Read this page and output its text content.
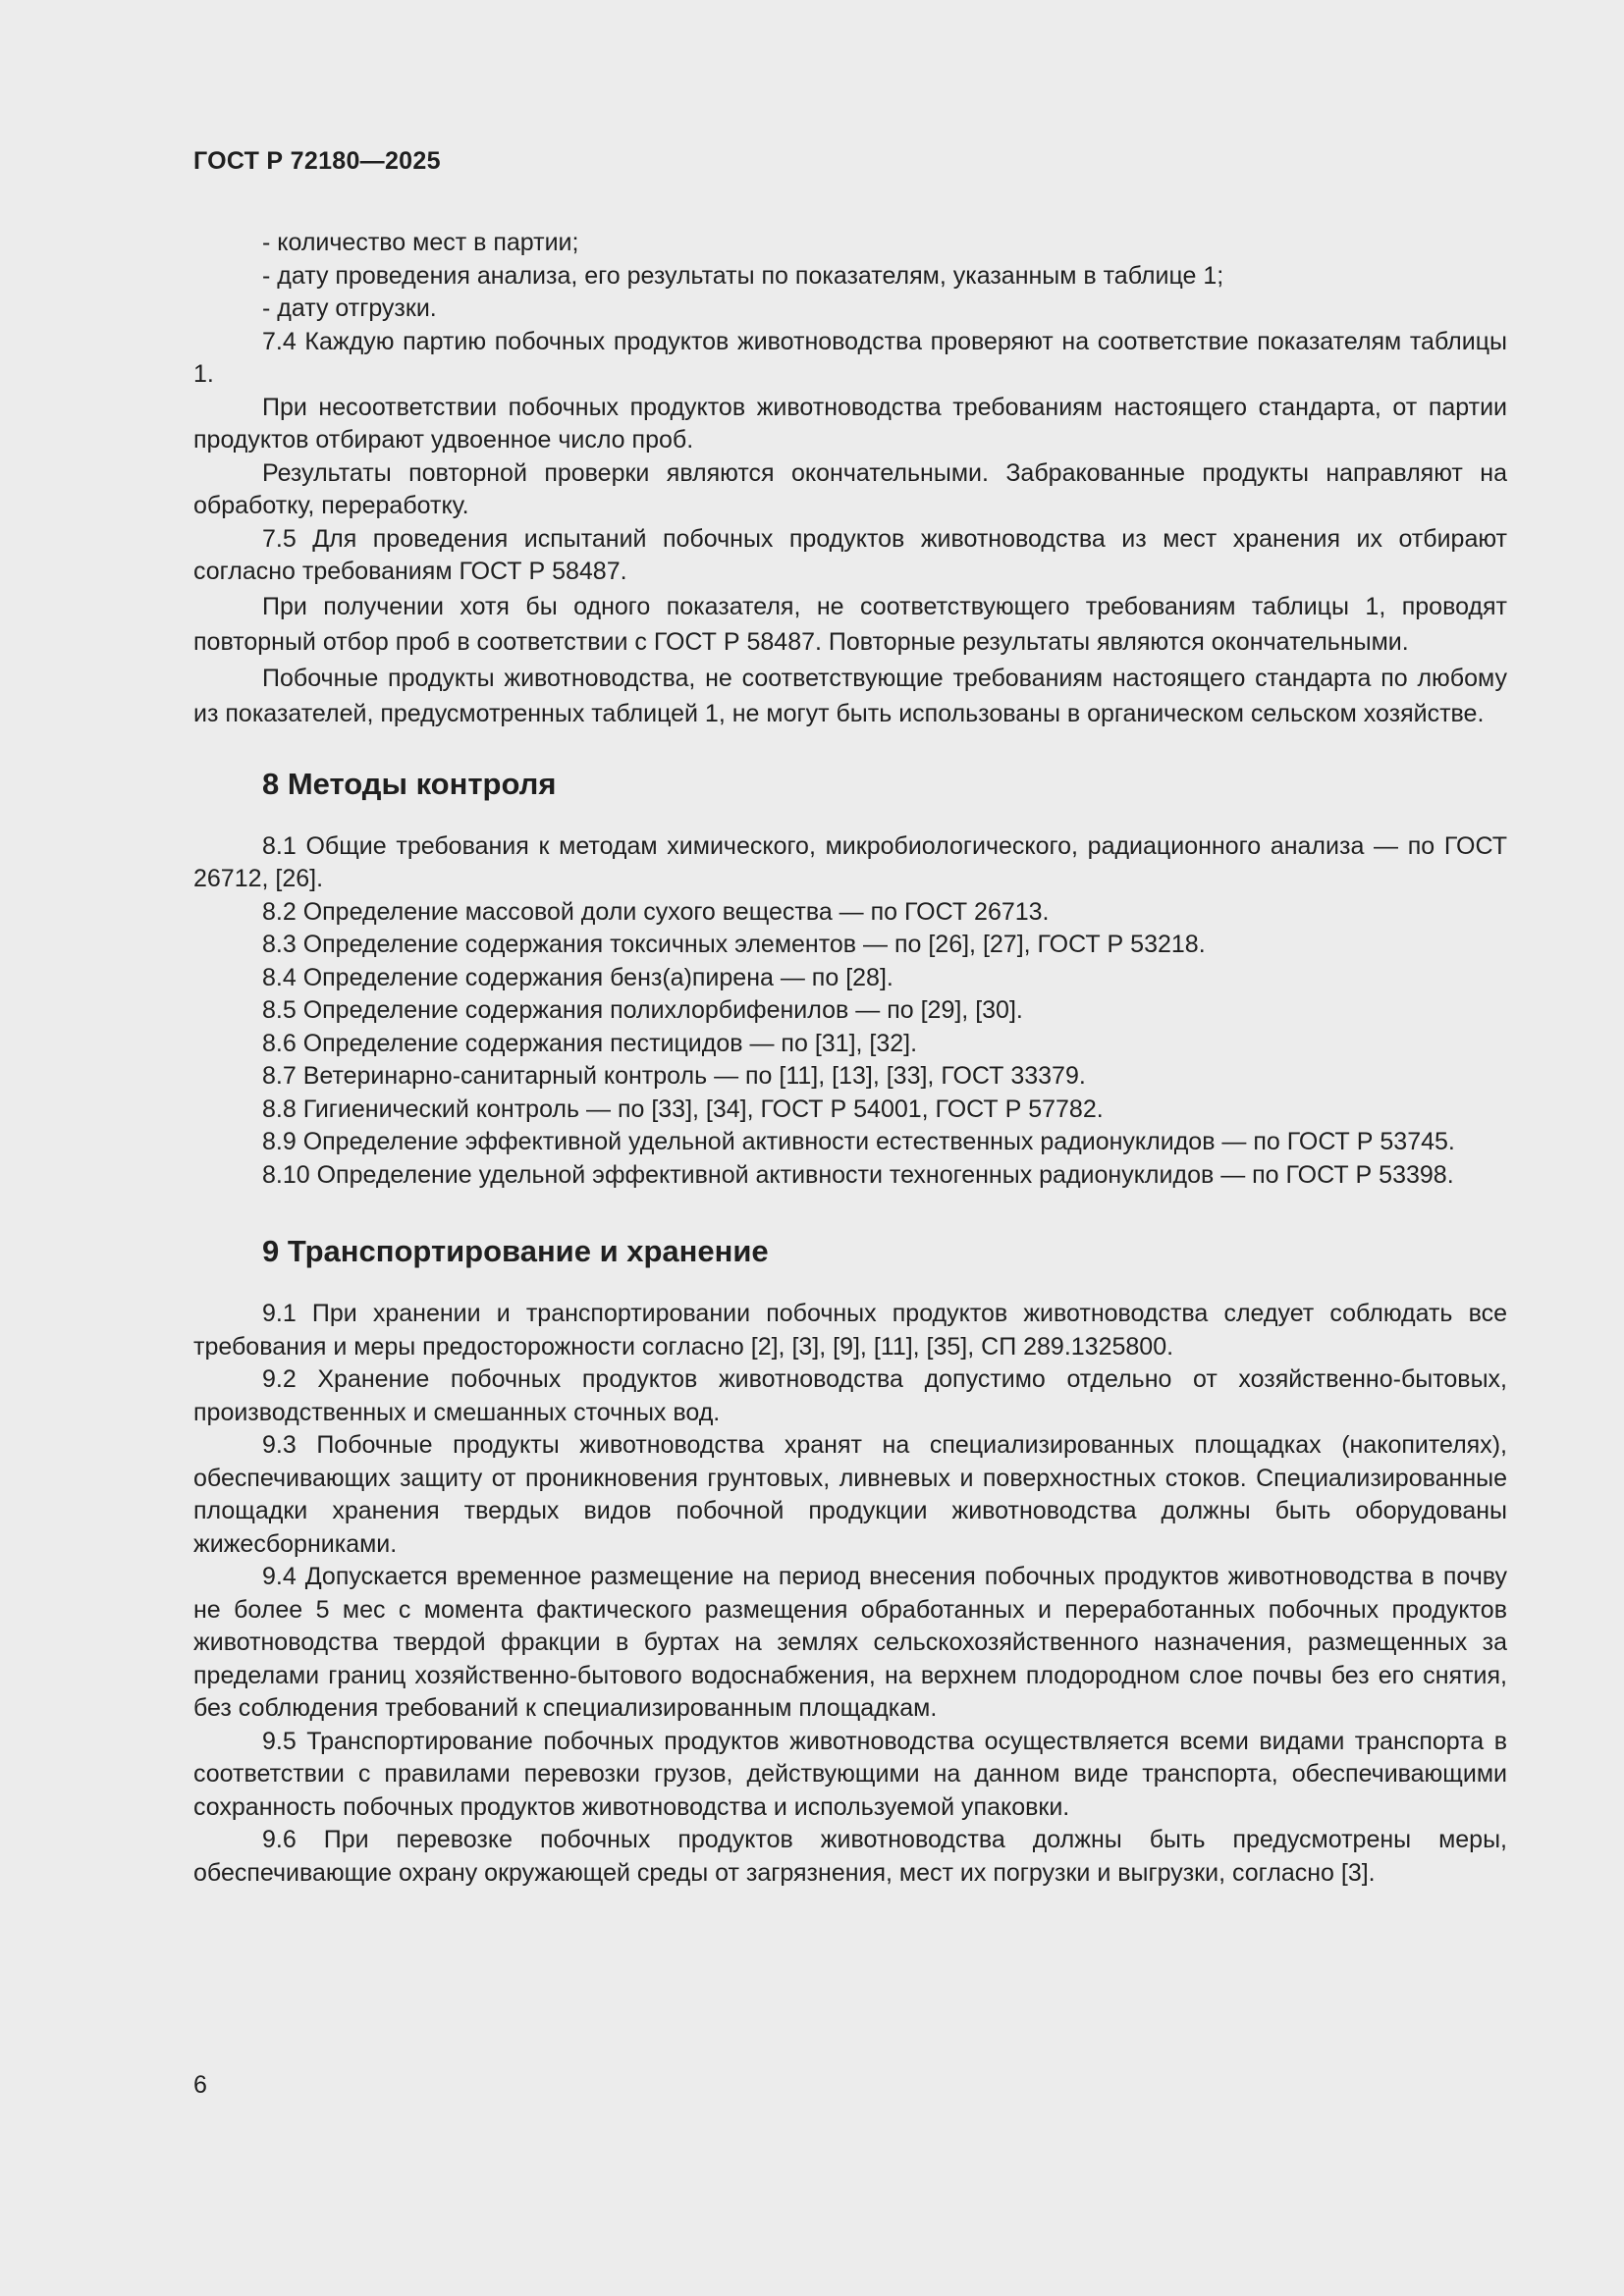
ГОСТ Р 72180—2025

- количество мест в партии;

- дату проведения анализа, его результаты по показателям, указанным в таблице 1;

- дату отгрузки.

7.4 Каждую партию побочных продуктов животноводства проверяют на соответствие показателям таблицы 1.

При несоответствии побочных продуктов животноводства требованиям настоящего стандарта, от партии продуктов отбирают удвоенное число проб.

Результаты повторной проверки являются окончательными. Забракованные продукты направляют на обработку, переработку.

7.5 Для проведения испытаний побочных продуктов животноводства из мест хранения их отбирают согласно требованиям ГОСТ Р 58487.

При получении хотя бы одного показателя, не соответствующего требованиям таблицы 1, проводят повторный отбор проб в соответствии с ГОСТ Р 58487. Повторные результаты являются окончательными.

Побочные продукты животноводства, не соответствующие требованиям настоящего стандарта по любому из показателей, предусмотренных таблицей 1, не могут быть использованы в органическом сельском хозяйстве.

8 Методы контроля

8.1 Общие требования к методам химического, микробиологического, радиационного анализа — по ГОСТ 26712, [26].

8.2 Определение массовой доли сухого вещества — по ГОСТ 26713.

8.3 Определение содержания токсичных элементов — по [26], [27], ГОСТ Р 53218.

8.4 Определение содержания бенз(а)пирена — по [28].

8.5 Определение содержания полихлорбифенилов — по [29], [30].

8.6 Определение содержания пестицидов — по [31], [32].

8.7 Ветеринарно-санитарный контроль — по [11], [13], [33], ГОСТ 33379.

8.8 Гигиенический контроль — по [33], [34], ГОСТ Р 54001, ГОСТ Р 57782.

8.9 Определение эффективной удельной активности естественных радионуклидов — по ГОСТ Р 53745.

8.10 Определение удельной эффективной активности техногенных радионуклидов — по ГОСТ Р 53398.

9 Транспортирование и хранение

9.1 При хранении и транспортировании побочных продуктов животноводства следует соблюдать все требования и меры предосторожности согласно [2], [3], [9], [11], [35], СП 289.1325800.

9.2 Хранение побочных продуктов животноводства допустимо отдельно от хозяйственно-бытовых, производственных и смешанных сточных вод.

9.3 Побочные продукты животноводства хранят на специализированных площадках (накопителях), обеспечивающих защиту от проникновения грунтовых, ливневых и поверхностных стоков. Специализированные площадки хранения твердых видов побочной продукции животноводства должны быть оборудованы жижесборниками.

9.4 Допускается временное размещение на период внесения побочных продуктов животноводства в почву не более 5 мес с момента фактического размещения обработанных и переработанных побочных продуктов животноводства твердой фракции в буртах на землях сельскохозяйственного назначения, размещенных за пределами границ хозяйственно-бытового водоснабжения, на верхнем плодородном слое почвы без его снятия, без соблюдения требований к специализированным площадкам.

9.5 Транспортирование побочных продуктов животноводства осуществляется всеми видами транспорта в соответствии с правилами перевозки грузов, действующими на данном виде транспорта, обеспечивающими сохранность побочных продуктов животноводства и используемой упаковки.

9.6 При перевозке побочных продуктов животноводства должны быть предусмотрены меры, обеспечивающие охрану окружающей среды от загрязнения, мест их погрузки и выгрузки, согласно [3].

6
